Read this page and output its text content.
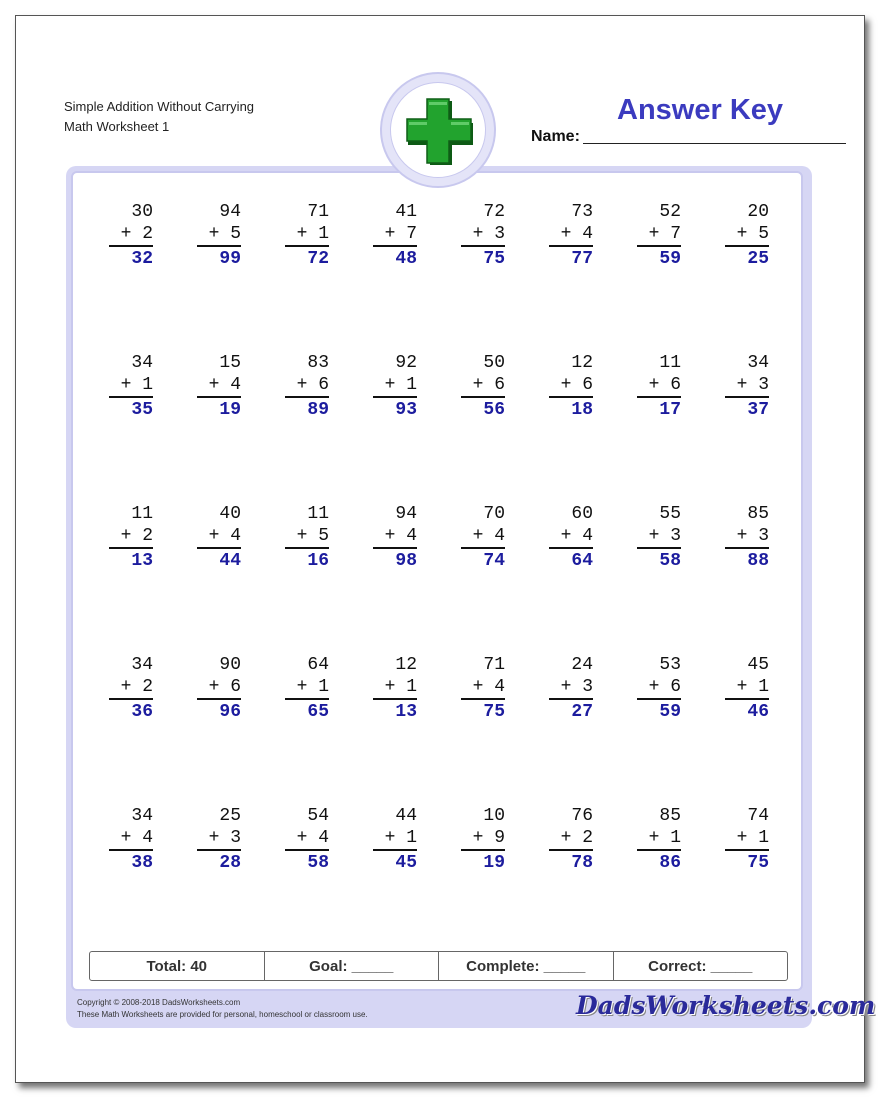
Simple Addition Without Carrying
Math Worksheet 1
Name:
Answer Key
30
+ 2
32
94
+ 5
99
71
+ 1
72
41
+ 7
48
72
+ 3
75
73
+ 4
77
52
+ 7
59
20
+ 5
25
34
+ 1
35
15
+ 4
19
83
+ 6
89
92
+ 1
93
50
+ 6
56
12
+ 6
18
11
+ 6
17
34
+ 3
37
11
+ 2
13
40
+ 4
44
11
+ 5
16
94
+ 4
98
70
+ 4
74
60
+ 4
64
55
+ 3
58
85
+ 3
88
34
+ 2
36
90
+ 6
96
64
+ 1
65
12
+ 1
13
71
+ 4
75
24
+ 3
27
53
+ 6
59
45
+ 1
46
34
+ 4
38
25
+ 3
28
54
+ 4
58
44
+ 1
45
10
+ 9
19
76
+ 2
78
85
+ 1
86
74
+ 1
75
Total: 40	Goal: _____	Complete: _____	Correct: _____
Copyright © 2008-2018 DadsWorksheets.com
These Math Worksheets are provided for personal, homeschool or classroom use.	DadsWorksheets.com
